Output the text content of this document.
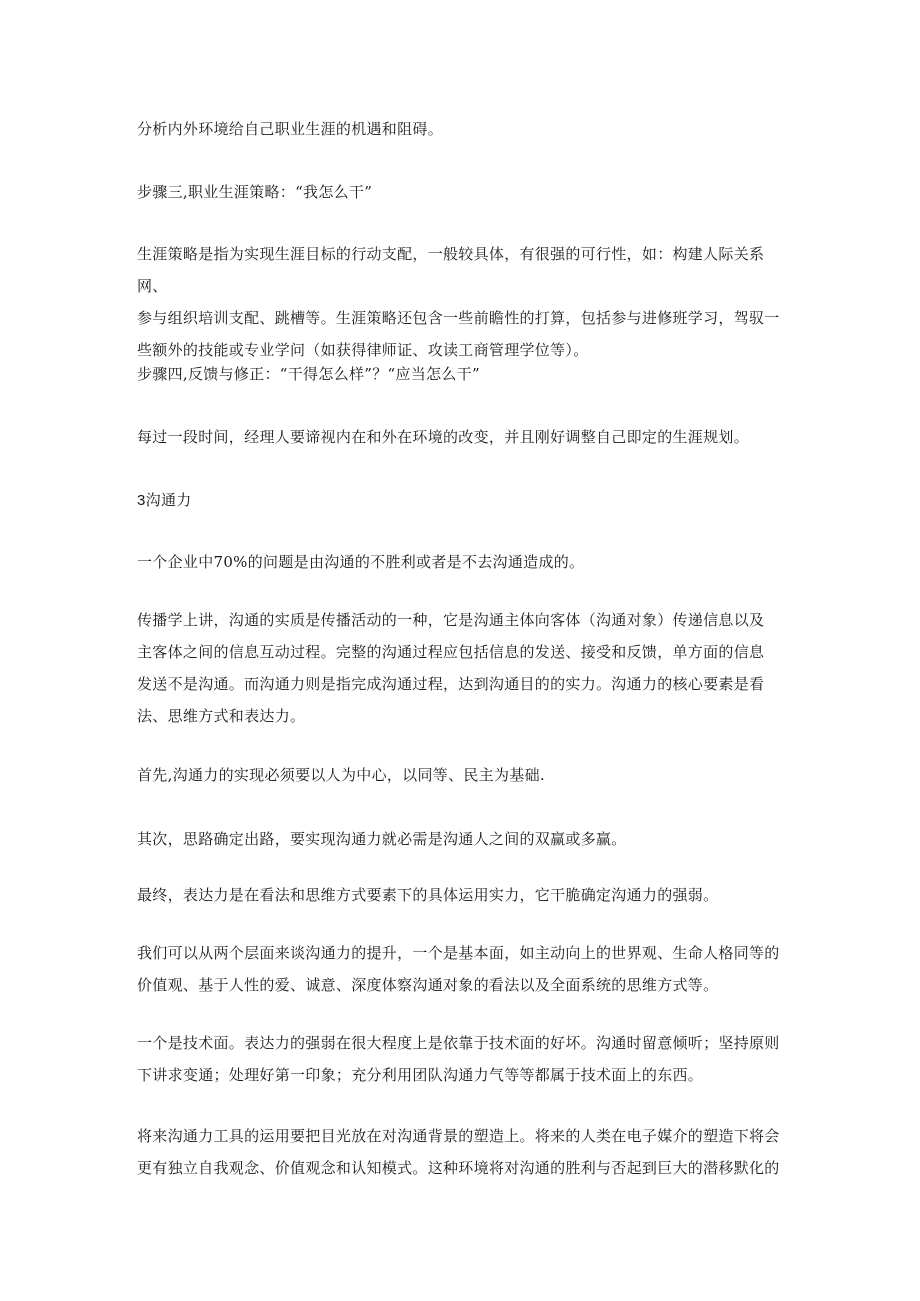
分析内外环境给自己职业生涯的机遇和阻碍。

步骤三,职业生涯策略：“我怎么干”

生涯策略是指为实现生涯目标的行动支配，一般较具体，有很强的可行性，如：构建人际关系网、
参与组织培训支配、跳槽等。生涯策略还包含一些前瞻性的打算，包括参与进修班学习，驾驭一
些额外的技能或专业学问（如获得律师证、攻读工商管理学位等）。

步骤四,反馈与修正：“干得怎么样”？“应当怎么干”

每过一段时间，经理人要谛视内在和外在环境的改变，并且刚好调整自己即定的生涯规划。

3沟通力

一个企业中70%的问题是由沟通的不胜利或者是不去沟通造成的。

传播学上讲，沟通的实质是传播活动的一种，它是沟通主体向客体（沟通对象）传递信息以及
主客体之间的信息互动过程。完整的沟通过程应包括信息的发送、接受和反馈，单方面的信息
发送不是沟通。而沟通力则是指完成沟通过程，达到沟通目的的实力。沟通力的核心要素是看
法、思维方式和表达力。

首先,沟通力的实现必须要以人为中心，以同等、民主为基础.

其次，思路确定出路，要实现沟通力就必需是沟通人之间的双赢或多赢。

最终，表达力是在看法和思维方式要素下的具体运用实力，它干脆确定沟通力的强弱。

我们可以从两个层面来谈沟通力的提升，一个是基本面，如主动向上的世界观、生命人格同等的
价值观、基于人性的爱、诚意、深度体察沟通对象的看法以及全面系统的思维方式等。

一个是技术面。表达力的强弱在很大程度上是依靠于技术面的好坏。沟通时留意倾听；坚持原则
下讲求变通；处理好第一印象；充分利用团队沟通力气等等都属于技术面上的东西。

将来沟通力工具的运用要把目光放在对沟通背景的塑造上。将来的人类在电子媒介的塑造下将会
更有独立自我观念、价值观念和认知模式。这种环境将对沟通的胜利与否起到巨大的潜移默化的
